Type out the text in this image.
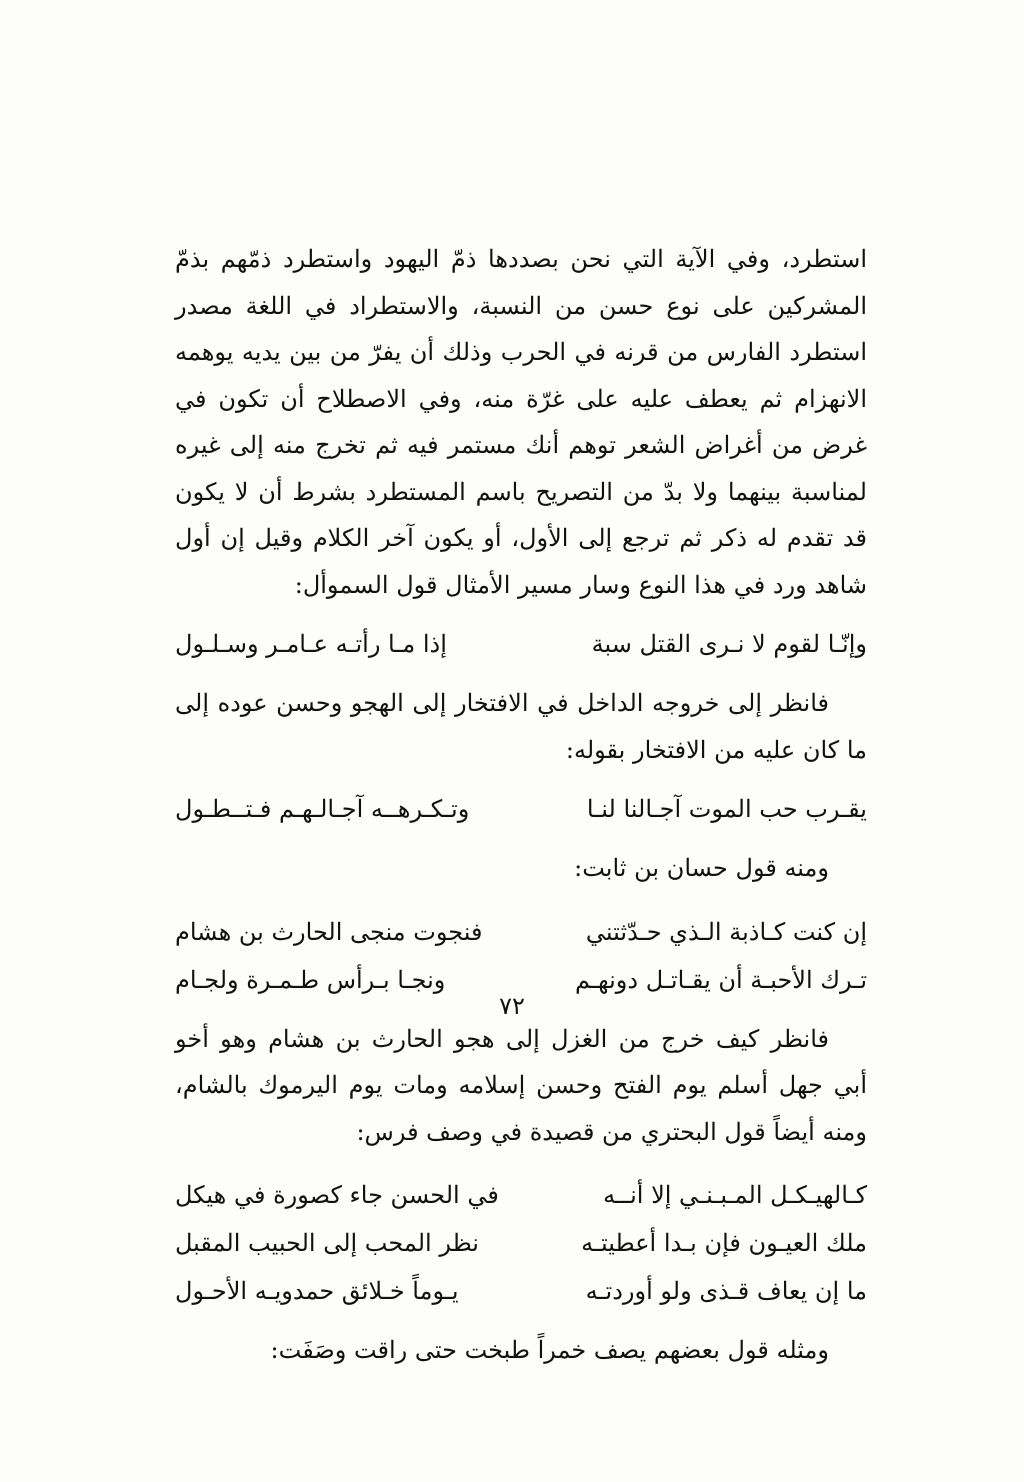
استطرد، وفي الآية التي نحن بصددها ذمّ اليهود واستطرد ذمّهم بذمّ المشركين على نوع حسن من النسبة، والاستطراد في اللغة مصدر استطرد الفارس من قرنه في الحرب وذلك أن يفرّ من بين يديه يوهمه الانهزام ثم يعطف عليه على غرّة منه، وفي الاصطلاح أن تكون في غرض من أغراض الشعر توهم أنك مستمر فيه ثم تخرج منه إلى غيره لمناسبة بينهما ولا بدّ من التصريح باسم المستطرد بشرط أن لا يكون قد تقدم له ذكر ثم ترجع إلى الأول، أو يكون آخر الكلام وقيل إن أول شاهد ورد في هذا النوع وسار مسير الأمثال قول السموأل:

وإنّـا لقوم لا نـرى القتل سبة
إذا مـا رأتـه عـامـر وسـلـول

فانظر إلى خروجه الداخل في الافتخار إلى الهجو وحسن عوده إلى ما كان عليه من الافتخار بقوله:

يقـرب حب الموت آجـالنا لنـا
وتـكـرهــه آجـالـهـم فـتــطـول

ومنه قول حسان بن ثابت:

إن كنت كـاذبة الـذي حـدّثتني
فنجوت منجى الحارث بن هشام
تـرك الأحبـة أن يقـاتـل دونهـم
ونجـا بـرأس طـمـرة ولجـام

فانظر كيف خرج من الغزل إلى هجو الحارث بن هشام وهو أخو أبي جهل أسلم يوم الفتح وحسن إسلامه ومات يوم اليرموك بالشام، ومنه أيضاً قول البحتري من قصيدة في وصف فرس:

كـالهيـكـل المـبـنـي إلا أنــه
في الحسن جاء كصورة في هيكل
ملك العيـون فإن بـدا أعطيتـه
نظر المحب إلى الحبيب المقبل
ما إن يعاف قـذى ولو أوردتـه
يـوماً خـلائق حمدويـه الأحـول

ومثله قول بعضهم يصف خمراً طبخت حتى راقت وصَفَت:

٧٢
